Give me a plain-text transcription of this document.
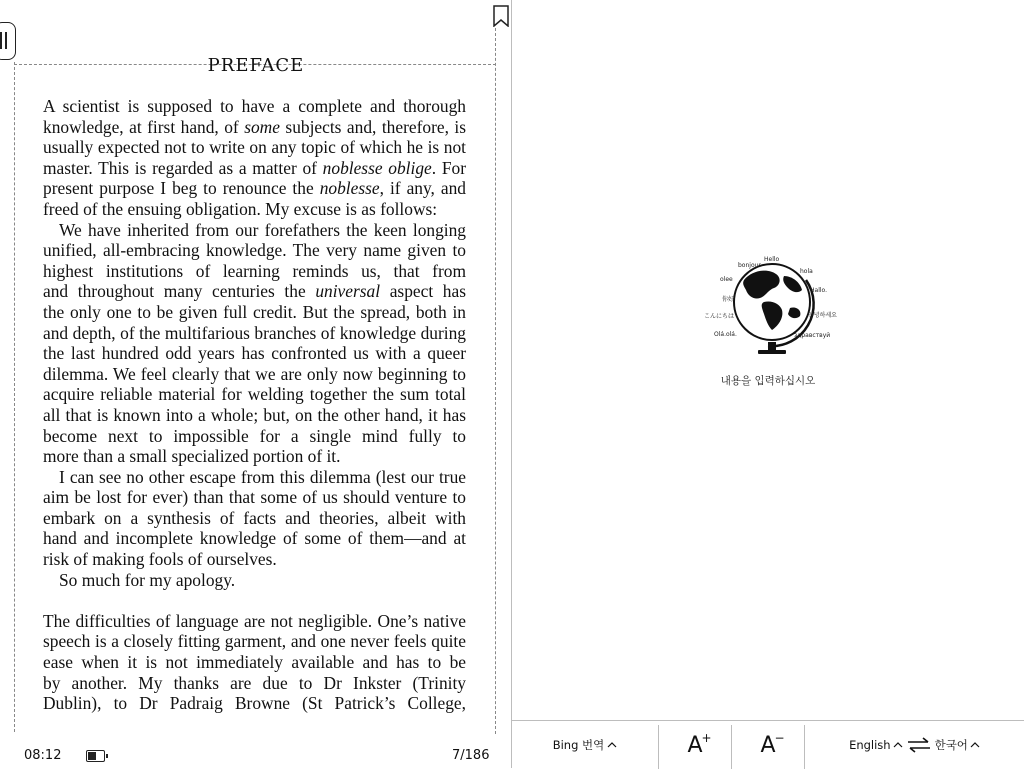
PREFACE
A scientist is supposed to have a complete and thorough
knowledge, at first hand, of some subjects and, therefore, is
usually expected not to write on any topic of which he is not
master. This is regarded as a matter of noblesse oblige. For
present purpose I beg to renounce the noblesse, if any, and
freed of the ensuing obligation. My excuse is as follows:
We have inherited from our forefathers the keen longing
unified, all-embracing knowledge. The very name given to
highest institutions of learning reminds us, that from
and throughout many centuries the universal aspect has
the only one to be given full credit. But the spread, both in
and depth, of the multifarious branches of knowledge during
the last hundred odd years has confronted us with a queer
dilemma. We feel clearly that we are only now beginning to
acquire reliable material for welding together the sum total
all that is known into a whole; but, on the other hand, it has
become next to impossible for a single mind fully to
more than a small specialized portion of it.
I can see no other escape from this dilemma (lest our true
aim be lost for ever) than that some of us should venture to
embark on a synthesis of facts and theories, albeit with
hand and incomplete knowledge of some of them—and at
risk of making fools of ourselves.
So much for my apology.
The difficulties of language are not negligible. One’s native
speech is a closely fitting garment, and one never feels quite
ease when it is not immediately available and has to be
by another. My thanks are due to Dr Inkster (Trinity
Dublin), to Dr Padraig Browne (St Patrick’s College,
08:12	7/186
Hello
bonjour
hola
olee
Hallo.
你好
こんにちは	안녕하세요
Olá.olá.	здравствуй
내용을 입력하십시오
Bing 번역	A
+ A
−
English	한국어
